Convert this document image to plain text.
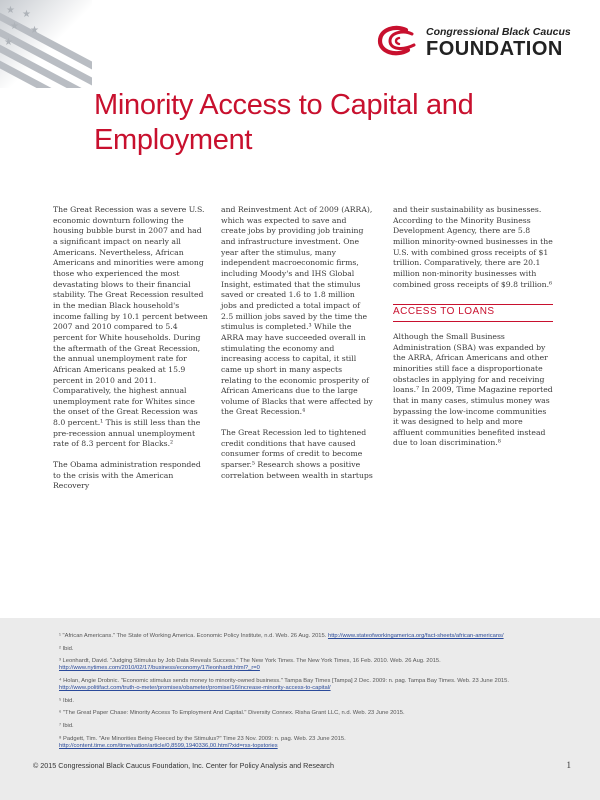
★ ★
★ ★
★
Congressional Black Caucus
FOUNDATION
Minority Access to Capital and Employment

The Great Recession was a severe U.S. economic downturn following the housing bubble burst in 2007 and had a significant impact on nearly all Americans. Nevertheless, African Americans and minorities were among those who experienced the most devastating blows to their financial stability. The Great Recession resulted in the median Black household's income falling by 10.1 percent between 2007 and 2010 compared to 5.4 percent for White households. During the aftermath of the Great Recession, the annual unemployment rate for African Americans peaked at 15.9 percent in 2010 and 2011. Comparatively, the highest annual unemployment rate for Whites since the onset of the Great Recession was 8.0 percent.¹ This is still less than the pre-recession annual unemployment rate of 8.3 percent for Blacks.²

The Obama administration responded to the crisis with the American Recovery

and Reinvestment Act of 2009 (ARRA), which was expected to save and create jobs by providing job training and infrastructure investment. One year after the stimulus, many independent macroeconomic firms, including Moody's and IHS Global Insight, estimated that the stimulus saved or created 1.6 to 1.8 million jobs and predicted a total impact of 2.5 million jobs saved by the time the stimulus is completed.³ While the ARRA may have succeeded overall in stimulating the economy and increasing access to capital, it still came up short in many aspects relating to the economic prosperity of African Americans due to the large volume of Blacks that were affected by the Great Recession.⁴

The Great Recession led to tightened credit conditions that have caused consumer forms of credit to become sparser.⁵ Research shows a positive correlation between wealth in startups

and their sustainability as businesses. According to the Minority Business Development Agency, there are 5.8 million minority-owned businesses in the U.S. with combined gross receipts of $1 trillion. Comparatively, there are 20.1 million non-minority businesses with combined gross receipts of $9.8 trillion.⁶

ACCESS TO LOANS

Although the Small Business Administration (SBA) was expanded by the ARRA, African Americans and other minorities still face a disproportionate obstacles in applying for and receiving loans.⁷ In 2009, Time Magazine reported that in many cases, stimulus money was bypassing the low-income communities it was designed to help and more affluent communities benefited instead due to loan discrimination.⁸

¹ "African Americans." The State of Working America. Economic Policy Institute, n.d. Web. 26 Aug. 2015. http://www.stateofworkingamerica.org/fact-sheets/african-americans/
² Ibid.
³ Leonhardt, David. "Judging Stimulus by Job Data Reveals Success." The New York Times. The New York Times, 16 Feb. 2010. Web. 26 Aug. 2015.
http://www.nytimes.com/2010/02/17/business/economy/17leonhardt.html?_r=0
⁴ Holan, Angie Drobnic. "Economic stimulus sends money to minority-owned business." Tampa Bay Times [Tampa] 2 Dec. 2009: n. pag. Tampa Bay Times. Web. 23 June 2015.
http://www.politifact.com/truth-o-meter/promises/obameter/promise/16/increase-minority-access-to-capital/
⁵ Ibid.
⁶ "The Great Paper Chase: Minority Access To Employment And Capital." Diversity Connex. Risha Grant LLC, n.d. Web. 23 June 2015.
⁷ Ibid.
⁸ Padgett, Tim. "Are Minorities Being Fleeced by the Stimulus?" Time 23 Nov. 2009: n. pag. Web. 23 June 2015.
http://content.time.com/time/nation/article/0,8599,1940336,00.html?xid=rss-topstories
© 2015 Congressional Black Caucus Foundation, Inc. Center for Policy Analysis and Research	1
